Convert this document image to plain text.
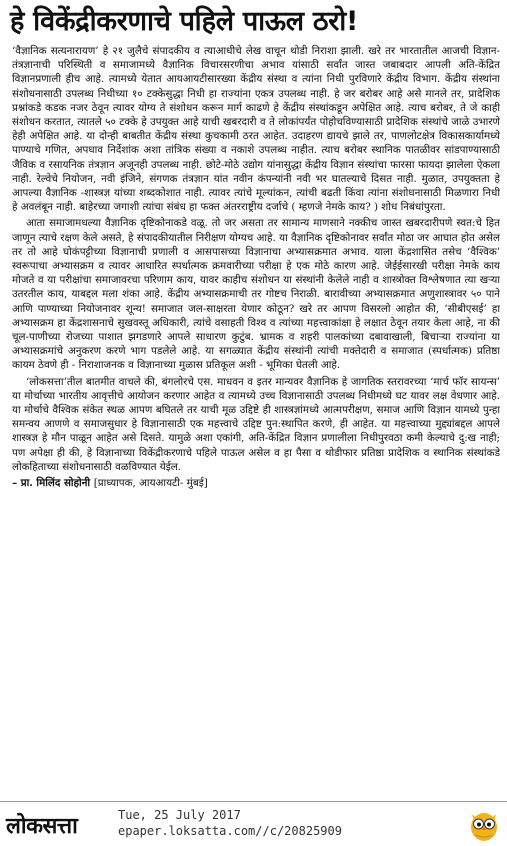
हे विकेंद्रीकरणाचे पहिले पाऊल ठरो!

‘वैज्ञानिक सत्यनारायण’ हे २१ जुलैचे संपादकीय व त्याआधीचे लेख वाचून थोडी निराशा झाली. खरे तर भारतातील आजची विज्ञान-तंत्रज्ञानाची परिस्थिती व समाजामध्ये वैज्ञानिक विचारसरणीचा अभाव यांसाठी सर्वांत जास्त जबाबदार आपली अति-केंद्रित विज्ञानप्रणाली हीच आहे. त्यामध्ये येतात आयआयटीसारख्या केंद्रीय संस्था व त्यांना निधी पुरविणारे केंद्रीय विभाग. केंद्रीय संस्थांना संशोधनासाठी उपलब्ध निधीच्या १० टक्केसुद्धा निधी हा राज्यांना एकत्र उपलब्ध नाही. हे जर बरोबर आहे असे मानले तर, प्रादेशिक प्रश्नांकडे कडक नजर ठेवून त्यावर योग्य ते संशोधन करून मार्ग काढणे हे केंद्रीय संस्थांकडून अपेक्षित आहे. त्याच बरोबर, ते जे काही संशोधन करतात, त्यातले ५० टक्के हे उपयुक्त आहे याची खबरदारी व ते लोकांपर्यंत पोहोचविण्यासाठी प्रादेशिक संस्थांचे जाळे उभारणे हेही अपेक्षित आहे. या दोन्ही बाबतीत केंद्रीय संस्था कुचकामी ठरत आहेत. उदाहरण द्यायचे झाले तर, पाणलोटक्षेत्र विकासकार्यामध्ये पाण्याचे गणित, अपधाव निर्देशांक अशा तांत्रिक संख्या व नकाशे उपलब्ध नाहीत. त्याच बरोबर स्थानिक पातळीवर सांडपाण्यासाठी जैविक व रसायनिक तंत्रज्ञान अजूनही उपलब्ध नाही. छोटे-मोठे उद्योग यांनासुद्धा केंद्रीय विज्ञान संस्थांचा फारसा फायदा झालेला ऐकला नाही. रेल्वेचे नियोजन, नवी इंजिने, संगणक तंत्रज्ञान यांत नवीन कंपन्यांनी नवी भर घातल्याचे दिसत नाही. मुळात, उपयुक्तता हे आपल्या वैज्ञानिक -शास्त्रज्ञ यांच्या शब्दकोशात नाही. त्यावर त्यांचे मूल्यांकन, त्यांची बढती किंवा त्यांना संशोधनासाठी मिळणारा निधी हे अवलंबून नाही. बाहेरच्या जगाशी त्यांचा संबंध हा फक्त अंतरराष्ट्रीय दर्जाचे ( म्हणजे नेमके काय? ) शोध निबंधांपुरता.

आता समाजामधल्या वैज्ञानिक दृष्टिकोनाकडे वळू. तो जर असता तर सामान्य माणसाने नक्कीच जास्त खबरदारीपणे स्वत:चे हित जाणून त्याचे रक्षण केले असते, हे संपादकीयातील निरीक्षण योग्यच आहे. या वैज्ञानिक दृष्टिकोनावर सर्वांत मोठा जर आघात होत असेल तर तो आहे घोकंपट्टीच्या विज्ञानाची प्रणाली व आसपासच्या विज्ञानाचा अभ्यासक्रमात अभाव. याला केंद्रशासित तसेच ‘वैश्विक’ स्वरूपाचा अभ्यासक्रम व त्यावर आधारित स्पर्धात्मक क्रमवारीच्या परीक्षा हे एक मोठे कारण आहे. जेईईसारखी परीक्षा नेमके काय मोजते व या परीक्षांचा समाजावरचा परिणाम काय, यावर काहीच संशोधन या संस्थांनी केलेले नाही व शास्त्रोक्त विश्लेषणात त्या खऱ्या उतरतील काय, याबद्दल मला शंका आहे. केंद्रीय अभ्यासक्रमाची तर गोष्टच निराळी. बारावीच्या अभ्यासक्रमात अणुशास्त्रावर ५० पाने आणि पाण्याच्या नियोजनावर शून्य! समाजात जल-साक्षरता येणार कोठून? खरे तर आपण विसरलो आहोत की, ‘सीबीएसई’ हा अभ्यासक्रम हा केंद्रशासनाचे सुखवस्तू अधिकारी, त्यांचे वसाहती विश्व व त्यांच्या महत्त्वाकांक्षा हे लक्षात ठेवून तयार केला आहे, ना की चूल-पाणीच्या रोजच्या पाशात झगडणारे आपले साधारण कुटुंब. भ्रामक व शहरी पालकांच्या दबावाखाली, बिचाऱ्या राज्यांना या अभ्यासक्रमांचे अनुकरण करणे भाग पडलेले आहे. या सगळ्यात केंद्रीय संस्थांनी त्यांची मक्तेदारी व समाजात (स्पर्धात्मक) प्रतिष्ठा कायम ठेवणे ही - निराशाजनक व विज्ञानाच्या मुळास प्रतिकूल अशी - भूमिका घेतली आहे.

‘लोकसत्ता’तील बातमीत वाचले की, बंगलोरचे एस. माधवन व इतर मान्यवर वैज्ञानिक हे जागतिक स्तरावरच्या ‘मार्च फॉर सायन्स’ या मोर्चाच्या भारतीय आवृत्तीचे आयोजन करणार आहेत व त्यामध्ये उच्च विज्ञानासाठी उपलब्ध निधीमध्ये घट यावर लक्ष वेधणार आहे. या मोर्चाचे वैश्विक संकेत स्थळ आपण बघितले तर याची मूळ उद्दिष्टे ही शास्त्रज्ञांमध्ये आत्मपरीक्षण, समाज आणि विज्ञान यामध्ये पुन्हा समन्वय आणणे व समाजसुधार हे विज्ञानासाठी एक महत्त्वाचे उद्दिष्ट पुन:स्थापित करणे, ही आहेत. या महत्त्वाच्या मुद्द्यांबद्दल आपले शास्त्रज्ञ हे मौन पाळून आहेत असे दिसते. यामुळे अशा एकांगी, अति-केंद्रित विज्ञान प्रणालीला निधीपुरवठा कमी केल्याचे दु:ख नाही; पण अपेक्षा ही की, हे विज्ञानाच्या विकेंद्रीकरणाचे पहिले पाऊल असेल व हा पैसा व थोडीफार प्रतिष्ठा प्रादेशिक व स्थानिक संस्थांकडे लोकहिताच्या संशोधनासाठी वळविण्यात येईल.

– प्रा. मिलिंद सोहोनी [प्राध्यापक, आयआयटी- मुंबई]

लोकसत्ता	Tue, 25 July 2017
epaper.loksatta.com//c/20825909
